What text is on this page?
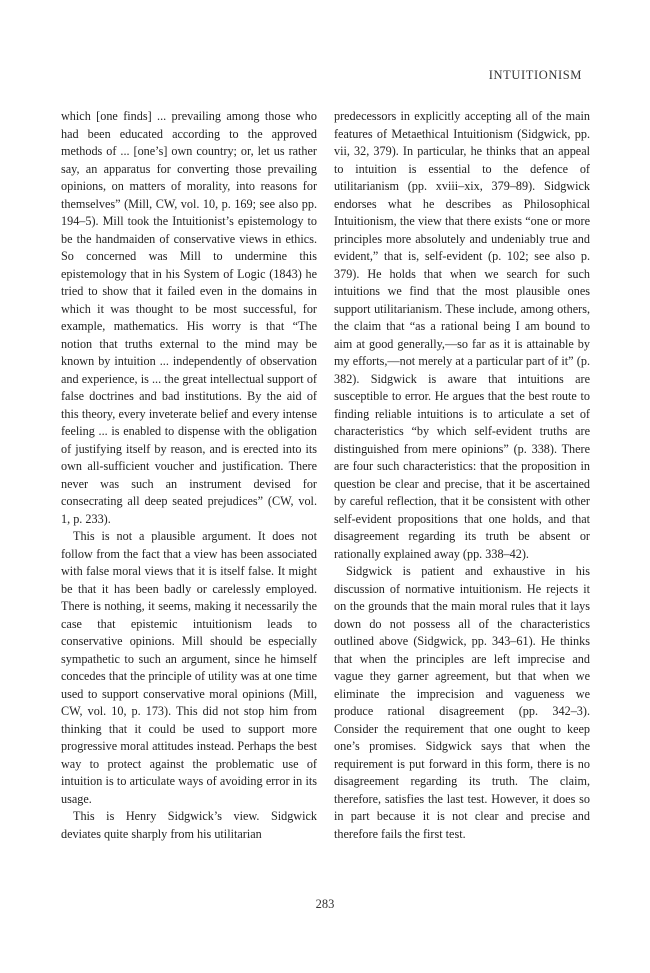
INTUITIONISM

which [one finds] ... prevailing among those who had been educated according to the approved methods of ... [one’s] own country; or, let us rather say, an apparatus for converting those prevailing opinions, on matters of morality, into reasons for themselves” (Mill, CW, vol. 10, p. 169; see also pp. 194–5). Mill took the Intuitionist’s epistemology to be the handmaiden of conservative views in ethics. So concerned was Mill to undermine this epistemology that in his System of Logic (1843) he tried to show that it failed even in the domains in which it was thought to be most successful, for example, mathematics. His worry is that “The notion that truths external to the mind may be known by intuition ... independently of observation and experience, is ... the great intellectual support of false doctrines and bad institutions. By the aid of this theory, every inveterate belief and every intense feeling ... is enabled to dispense with the obligation of justifying itself by reason, and is erected into its own all-sufficient voucher and justification. There never was such an instrument devised for consecrating all deep seated prejudices” (CW, vol. 1, p. 233).

This is not a plausible argument. It does not follow from the fact that a view has been associated with false moral views that it is itself false. It might be that it has been badly or carelessly employed. There is nothing, it seems, making it necessarily the case that epistemic intuitionism leads to conservative opinions. Mill should be especially sympathetic to such an argument, since he himself concedes that the principle of utility was at one time used to support conservative moral opinions (Mill, CW, vol. 10, p. 173). This did not stop him from thinking that it could be used to support more progressive moral attitudes instead. Perhaps the best way to protect against the problematic use of intuition is to articulate ways of avoiding error in its usage.

This is Henry Sidgwick’s view. Sidgwick deviates quite sharply from his utilitarian

predecessors in explicitly accepting all of the main features of Metaethical Intuitionism (Sidgwick, pp. vii, 32, 379). In particular, he thinks that an appeal to intuition is essential to the defence of utilitarianism (pp. xviii–xix, 379–89). Sidgwick endorses what he describes as Philosophical Intuitionism, the view that there exists “one or more principles more absolutely and undeniably true and evident,” that is, self-evident (p. 102; see also p. 379). He holds that when we search for such intuitions we find that the most plausible ones support utilitarianism. These include, among others, the claim that “as a rational being I am bound to aim at good generally,—so far as it is attainable by my efforts,—not merely at a particular part of it” (p. 382). Sidgwick is aware that intuitions are susceptible to error. He argues that the best route to finding reliable intuitions is to articulate a set of characteristics “by which self-evident truths are distinguished from mere opinions” (p. 338). There are four such characteristics: that the proposition in question be clear and precise, that it be ascertained by careful reflection, that it be consistent with other self-evident propositions that one holds, and that disagreement regarding its truth be absent or rationally explained away (pp. 338–42).

Sidgwick is patient and exhaustive in his discussion of normative intuitionism. He rejects it on the grounds that the main moral rules that it lays down do not possess all of the characteristics outlined above (Sidgwick, pp. 343–61). He thinks that when the principles are left imprecise and vague they garner agreement, but that when we eliminate the imprecision and vagueness we produce rational disagreement (pp. 342–3). Consider the requirement that one ought to keep one’s promises. Sidgwick says that when the requirement is put forward in this form, there is no disagreement regarding its truth. The claim, therefore, satisfies the last test. However, it does so in part because it is not clear and precise and therefore fails the first test.

283
